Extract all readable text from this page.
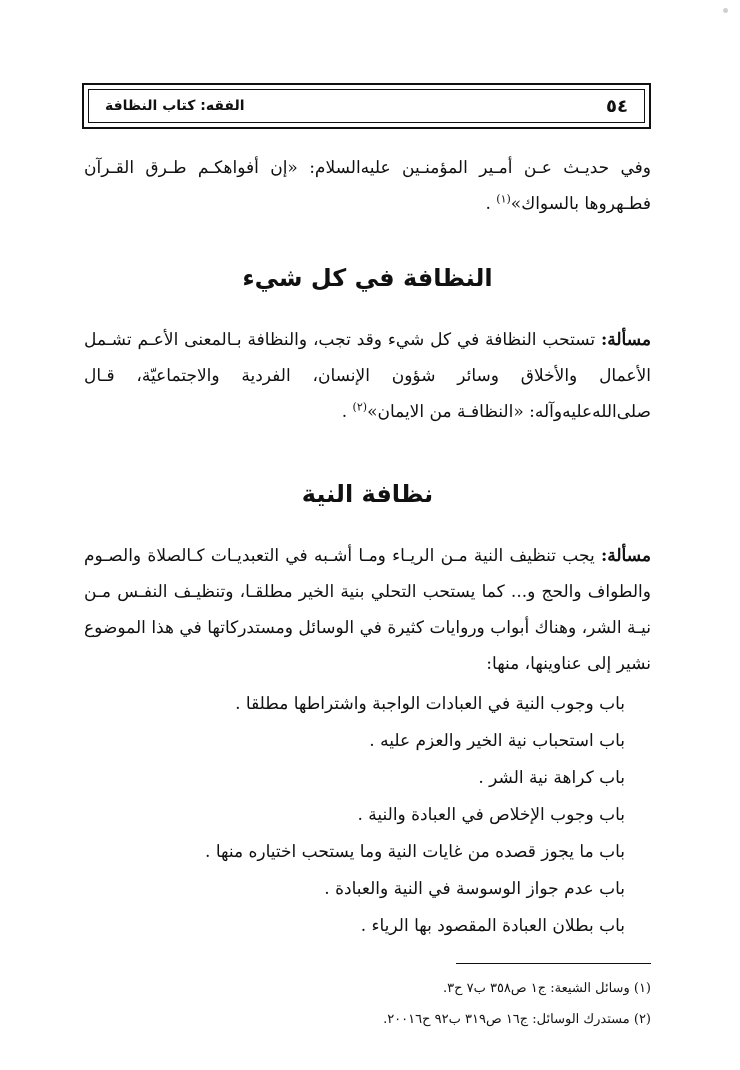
٥٤
الفقه: كتاب النظافة

وفي حديـث عـن أمـير المؤمنـين عليه‌السلام: «إن أفواهكـم طـرق القـرآن فطـهروها بالسواك»$^{(١)}$ .

النظافة في كل شيء

مسألة: تستحب النظافة في كل شيء وقد تجب، والنظافة بـالمعنى الأعـم تشـمل الأعمال والأخلاق وسائر شؤون الإنسان، الفردية والاجتماعيّة، قـال صلى‌الله‌عليه‌وآله: «النظافـة من الايمان»$^{(٢)}$ .

نظافة النية

مسألة: يجب تنظيف النية مـن الريـاء ومـا أشـبه في التعبديـات كـالصلاة والصـوم والطواف والحج و... كما يستحب التحلي بنية الخير مطلقـا، وتنظيـف النفـس مـن نيـة الشر، وهناك أبواب وروايات كثيرة في الوسائل ومستدركاتها في هذا الموضوع نشير إلى عناوينها، منها:

باب وجوب النية في العبادات الواجبة واشتراطها مطلقا .
باب استحباب نية الخير والعزم عليه .
باب كراهة نية الشر .
باب وجوب الإخلاص في العبادة والنية .
باب ما يجوز قصده من غايات النية وما يستحب اختياره منها .
باب عدم جواز الوسوسة في النية والعبادة .
باب بطلان العبادة المقصود بها الرياء .
(١) وسائل الشيعة: ج١ ص٣٥٨ ب٧ ح٣.
(٢) مستدرك الوسائل: ج١٦ ص٣١٩ ب٩٢ ح٢٠٠١٦.
